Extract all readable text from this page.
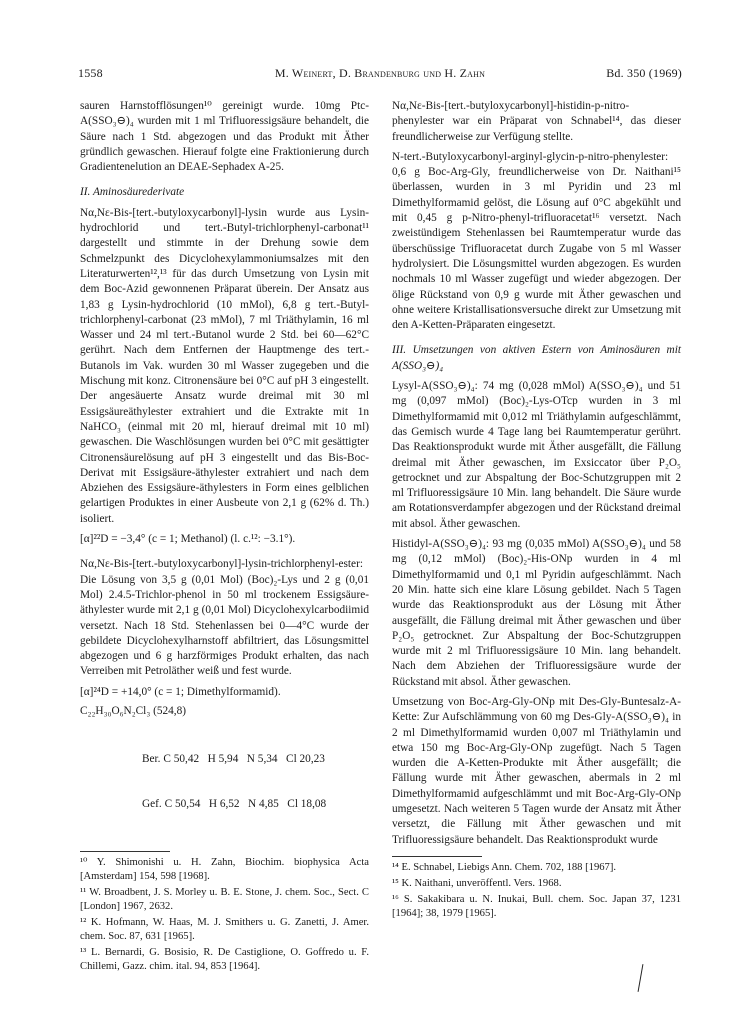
1558	M. Weinert, D. Brandenburg und H. Zahn	Bd. 350 (1969)

sauren Harnstofflösungen¹⁰ gereinigt wurde. 10mg Ptc-A(SSO₃⊖)₄ wurden mit 1 ml Trifluoressigsäure behandelt, die Säure nach 1 Std. abgezogen und das Produkt mit Äther gründlich gewaschen. Hierauf folgte eine Fraktionierung durch Gradientenelution an DEAE-Sephadex A-25.

II. Aminosäurederivate

Nα,Nε-Bis-[tert.-butyloxycarbonyl]-lysin wurde aus Lysin-hydrochlorid und tert.-Butyl-trichlorphenyl-carbonat¹¹ dargestellt und stimmte in der Drehung sowie dem Schmelzpunkt des Dicyclohexylammoniumsalzes mit den Literaturwerten¹²,¹³ für das durch Umsetzung von Lysin mit dem Boc-Azid gewonnenen Präparat überein. Der Ansatz aus 1,83 g Lysin-hydrochlorid (10 mMol), 6,8 g tert.-Butyl-trichlorphenyl-carbonat (23 mMol), 7 ml Triäthylamin, 16 ml Wasser und 24 ml tert.-Butanol wurde 2 Std. bei 60—62°C gerührt. Nach dem Entfernen der Hauptmenge des tert.-Butanols im Vak. wurden 30 ml Wasser zugegeben und die Mischung mit konz. Citronensäure bei 0°C auf pH 3 eingestellt. Der angesäuerte Ansatz wurde dreimal mit 30 ml Essigsäureäthylester extrahiert und die Extrakte mit 1n NaHCO₃ (einmal mit 20 ml, hierauf dreimal mit 10 ml) gewaschen. Die Waschlösungen wurden bei 0°C mit gesättigter Citronensäurelösung auf pH 3 eingestellt und das Bis-Boc-Derivat mit Essigsäure-äthylester extrahiert und nach dem Abziehen des Essigsäure-äthylesters in Form eines gelblichen gelartigen Produktes in einer Ausbeute von 2,1 g (62% d. Th.) isoliert.

[α]²²D = −3,4° (c = 1; Methanol) (l. c.¹²: −3.1°).

Nα,Nε-Bis-[tert.-butyloxycarbonyl]-lysin-trichlorphenyl-ester: Die Lösung von 3,5 g (0,01 Mol) (Boc)₂-Lys und 2 g (0,01 Mol) 2.4.5-Trichlor-phenol in 50 ml trockenem Essigsäure-äthylester wurde mit 2,1 g (0,01 Mol) Dicyclohexylcarbodiimid versetzt. Nach 18 Std. Stehenlassen bei 0—4°C wurde der gebildete Dicyclohexylharnstoff abfiltriert, das Lösungsmittel abgezogen und 6 g harzförmiges Produkt erhalten, das nach Verreiben mit Petroläther weiß und fest wurde.

[α]²⁴D = +14,0° (c = 1; Dimethylformamid).

C₂₂H₃₀O₆N₂Cl₃ (524,8)

Ber. C 50,42   H 5,94   N 5,34   Cl 20,23

Gef. C 50,54   H 6,52   N 4,85   Cl 18,08

¹⁰ Y. Shimonishi u. H. Zahn, Biochim. biophysica Acta [Amsterdam] 154, 598 [1968].

¹¹ W. Broadbent, J. S. Morley u. B. E. Stone, J. chem. Soc., Sect. C [London] 1967, 2632.

¹² K. Hofmann, W. Haas, M. J. Smithers u. G. Zanetti, J. Amer. chem. Soc. 87, 631 [1965].

¹³ L. Bernardi, G. Bosisio, R. De Castiglione, O. Goffredo u. F. Chillemi, Gazz. chim. ital. 94, 853 [1964].

Nα,Nε-Bis-[tert.-butyloxycarbonyl]-histidin-p-nitro-phenylester war ein Präparat von Schnabel¹⁴, das dieser freundlicherweise zur Verfügung stellte.

N-tert.-Butyloxycarbonyl-arginyl-glycin-p-nitro-phenylester: 0,6 g Boc-Arg-Gly, freundlicherweise von Dr. Naithani¹⁵ überlassen, wurden in 3 ml Pyridin und 23 ml Dimethylformamid gelöst, die Lösung auf 0°C abgekühlt und mit 0,45 g p-Nitro-phenyl-trifluoracetat¹⁶ versetzt. Nach zweistündigem Stehenlassen bei Raumtemperatur wurde das überschüssige Trifluoracetat durch Zugabe von 5 ml Wasser hydrolysiert. Die Lösungsmittel wurden abgezogen. Es wurden nochmals 10 ml Wasser zugefügt und wieder abgezogen. Der ölige Rückstand von 0,9 g wurde mit Äther gewaschen und ohne weitere Kristallisationsversuche direkt zur Umsetzung mit den A-Ketten-Präparaten eingesetzt.

III. Umsetzungen von aktiven Estern von Aminosäuren mit A(SSO₃⊖)₄

Lysyl-A(SSO₃⊖)₄: 74 mg (0,028 mMol) A(SSO₃⊖)₄ und 51 mg (0,097 mMol) (Boc)₂-Lys-OTcp wurden in 3 ml Dimethylformamid mit 0,012 ml Triäthylamin aufgeschlämmt, das Gemisch wurde 4 Tage lang bei Raumtemperatur gerührt. Das Reaktionsprodukt wurde mit Äther ausgefällt, die Fällung dreimal mit Äther gewaschen, im Exsiccator über P₂O₅ getrocknet und zur Abspaltung der Boc-Schutzgruppen mit 2 ml Trifluoressigsäure 10 Min. lang behandelt. Die Säure wurde am Rotationsverdampfer abgezogen und der Rückstand dreimal mit absol. Äther gewaschen.

Histidyl-A(SSO₃⊖)₄: 93 mg (0,035 mMol) A(SSO₃⊖)₄ und 58 mg (0,12 mMol) (Boc)₂-His-ONp wurden in 4 ml Dimethylformamid und 0,1 ml Pyridin aufgeschlämmt. Nach 20 Min. hatte sich eine klare Lösung gebildet. Nach 5 Tagen wurde das Reaktionsprodukt aus der Lösung mit Äther ausgefällt, die Fällung dreimal mit Äther gewaschen und über P₂O₅ getrocknet. Zur Abspaltung der Boc-Schutzgruppen wurde mit 2 ml Trifluoressigsäure 10 Min. lang behandelt. Nach dem Abziehen der Trifluoressigsäure wurde der Rückstand mit absol. Äther gewaschen.

Umsetzung von Boc-Arg-Gly-ONp mit Des-Gly-Buntesalz-A-Kette: Zur Aufschlämmung von 60 mg Des-Gly-A(SSO₃⊖)₄ in 2 ml Dimethylformamid wurden 0,007 ml Triäthylamin und etwa 150 mg Boc-Arg-Gly-ONp zugefügt. Nach 5 Tagen wurden die A-Ketten-Produkte mit Äther ausgefällt; die Fällung wurde mit Äther gewaschen, abermals in 2 ml Dimethylformamid aufgeschlämmt und mit Boc-Arg-Gly-ONp umgesetzt. Nach weiteren 5 Tagen wurde der Ansatz mit Äther versetzt, die Fällung mit Äther gewaschen und mit Trifluoressigsäure behandelt. Das Reaktionsprodukt wurde

¹⁴ E. Schnabel, Liebigs Ann. Chem. 702, 188 [1967].

¹⁵ K. Naithani, unveröffentl. Vers. 1968.

¹⁶ S. Sakakibara u. N. Inukai, Bull. chem. Soc. Japan 37, 1231 [1964]; 38, 1979 [1965].
